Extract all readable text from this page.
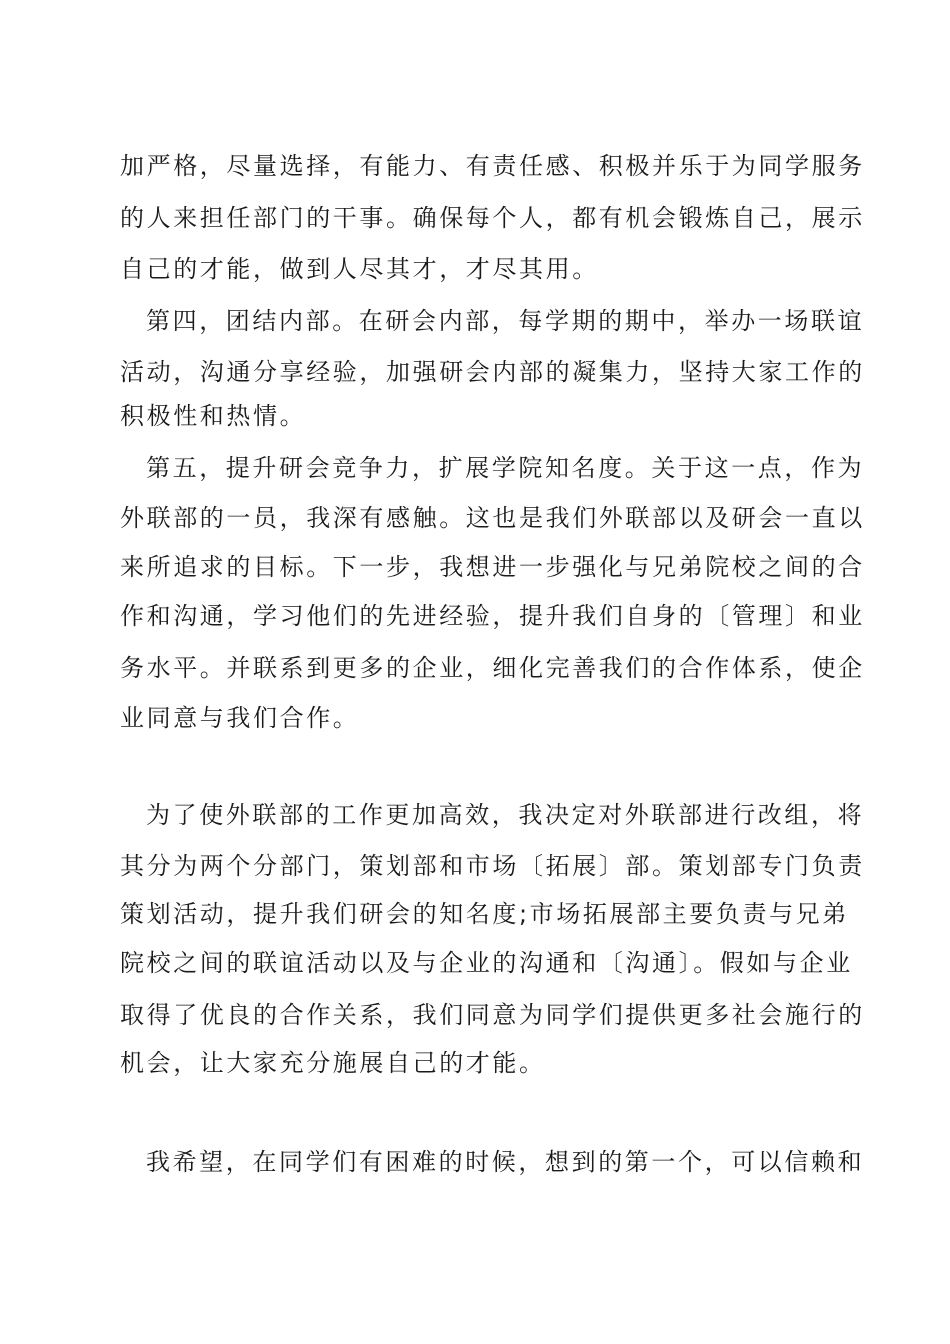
加严格，尽量选择，有能力、有责任感、积极并乐于为同学服务
的人来担任部门的干事。确保每个人，都有机会锻炼自己，展示
自己的才能，做到人尽其才，才尽其用。
第四，团结内部。在研会内部，每学期的期中，举办一场联谊
活动，沟通分享经验，加强研会内部的凝集力，坚持大家工作的
积极性和热情。
第五，提升研会竞争力，扩展学院知名度。关于这一点，作为
外联部的一员，我深有感触。这也是我们外联部以及研会一直以
来所追求的目标。下一步，我想进一步强化与兄弟院校之间的合
作和沟通，学习他们的先进经验，提升我们自身的〔管理〕和业
务水平。并联系到更多的企业，细化完善我们的合作体系，使企
业同意与我们合作。
为了使外联部的工作更加高效，我决定对外联部进行改组，将
其分为两个分部门，策划部和市场〔拓展〕部。策划部专门负责
策划活动，提升我们研会的知名度;市场拓展部主要负责与兄弟
院校之间的联谊活动以及与企业的沟通和〔沟通〕。假如与企业
取得了优良的合作关系，我们同意为同学们提供更多社会施行的
机会，让大家充分施展自己的才能。
我希望，在同学们有困难的时候，想到的第一个，可以信赖和
